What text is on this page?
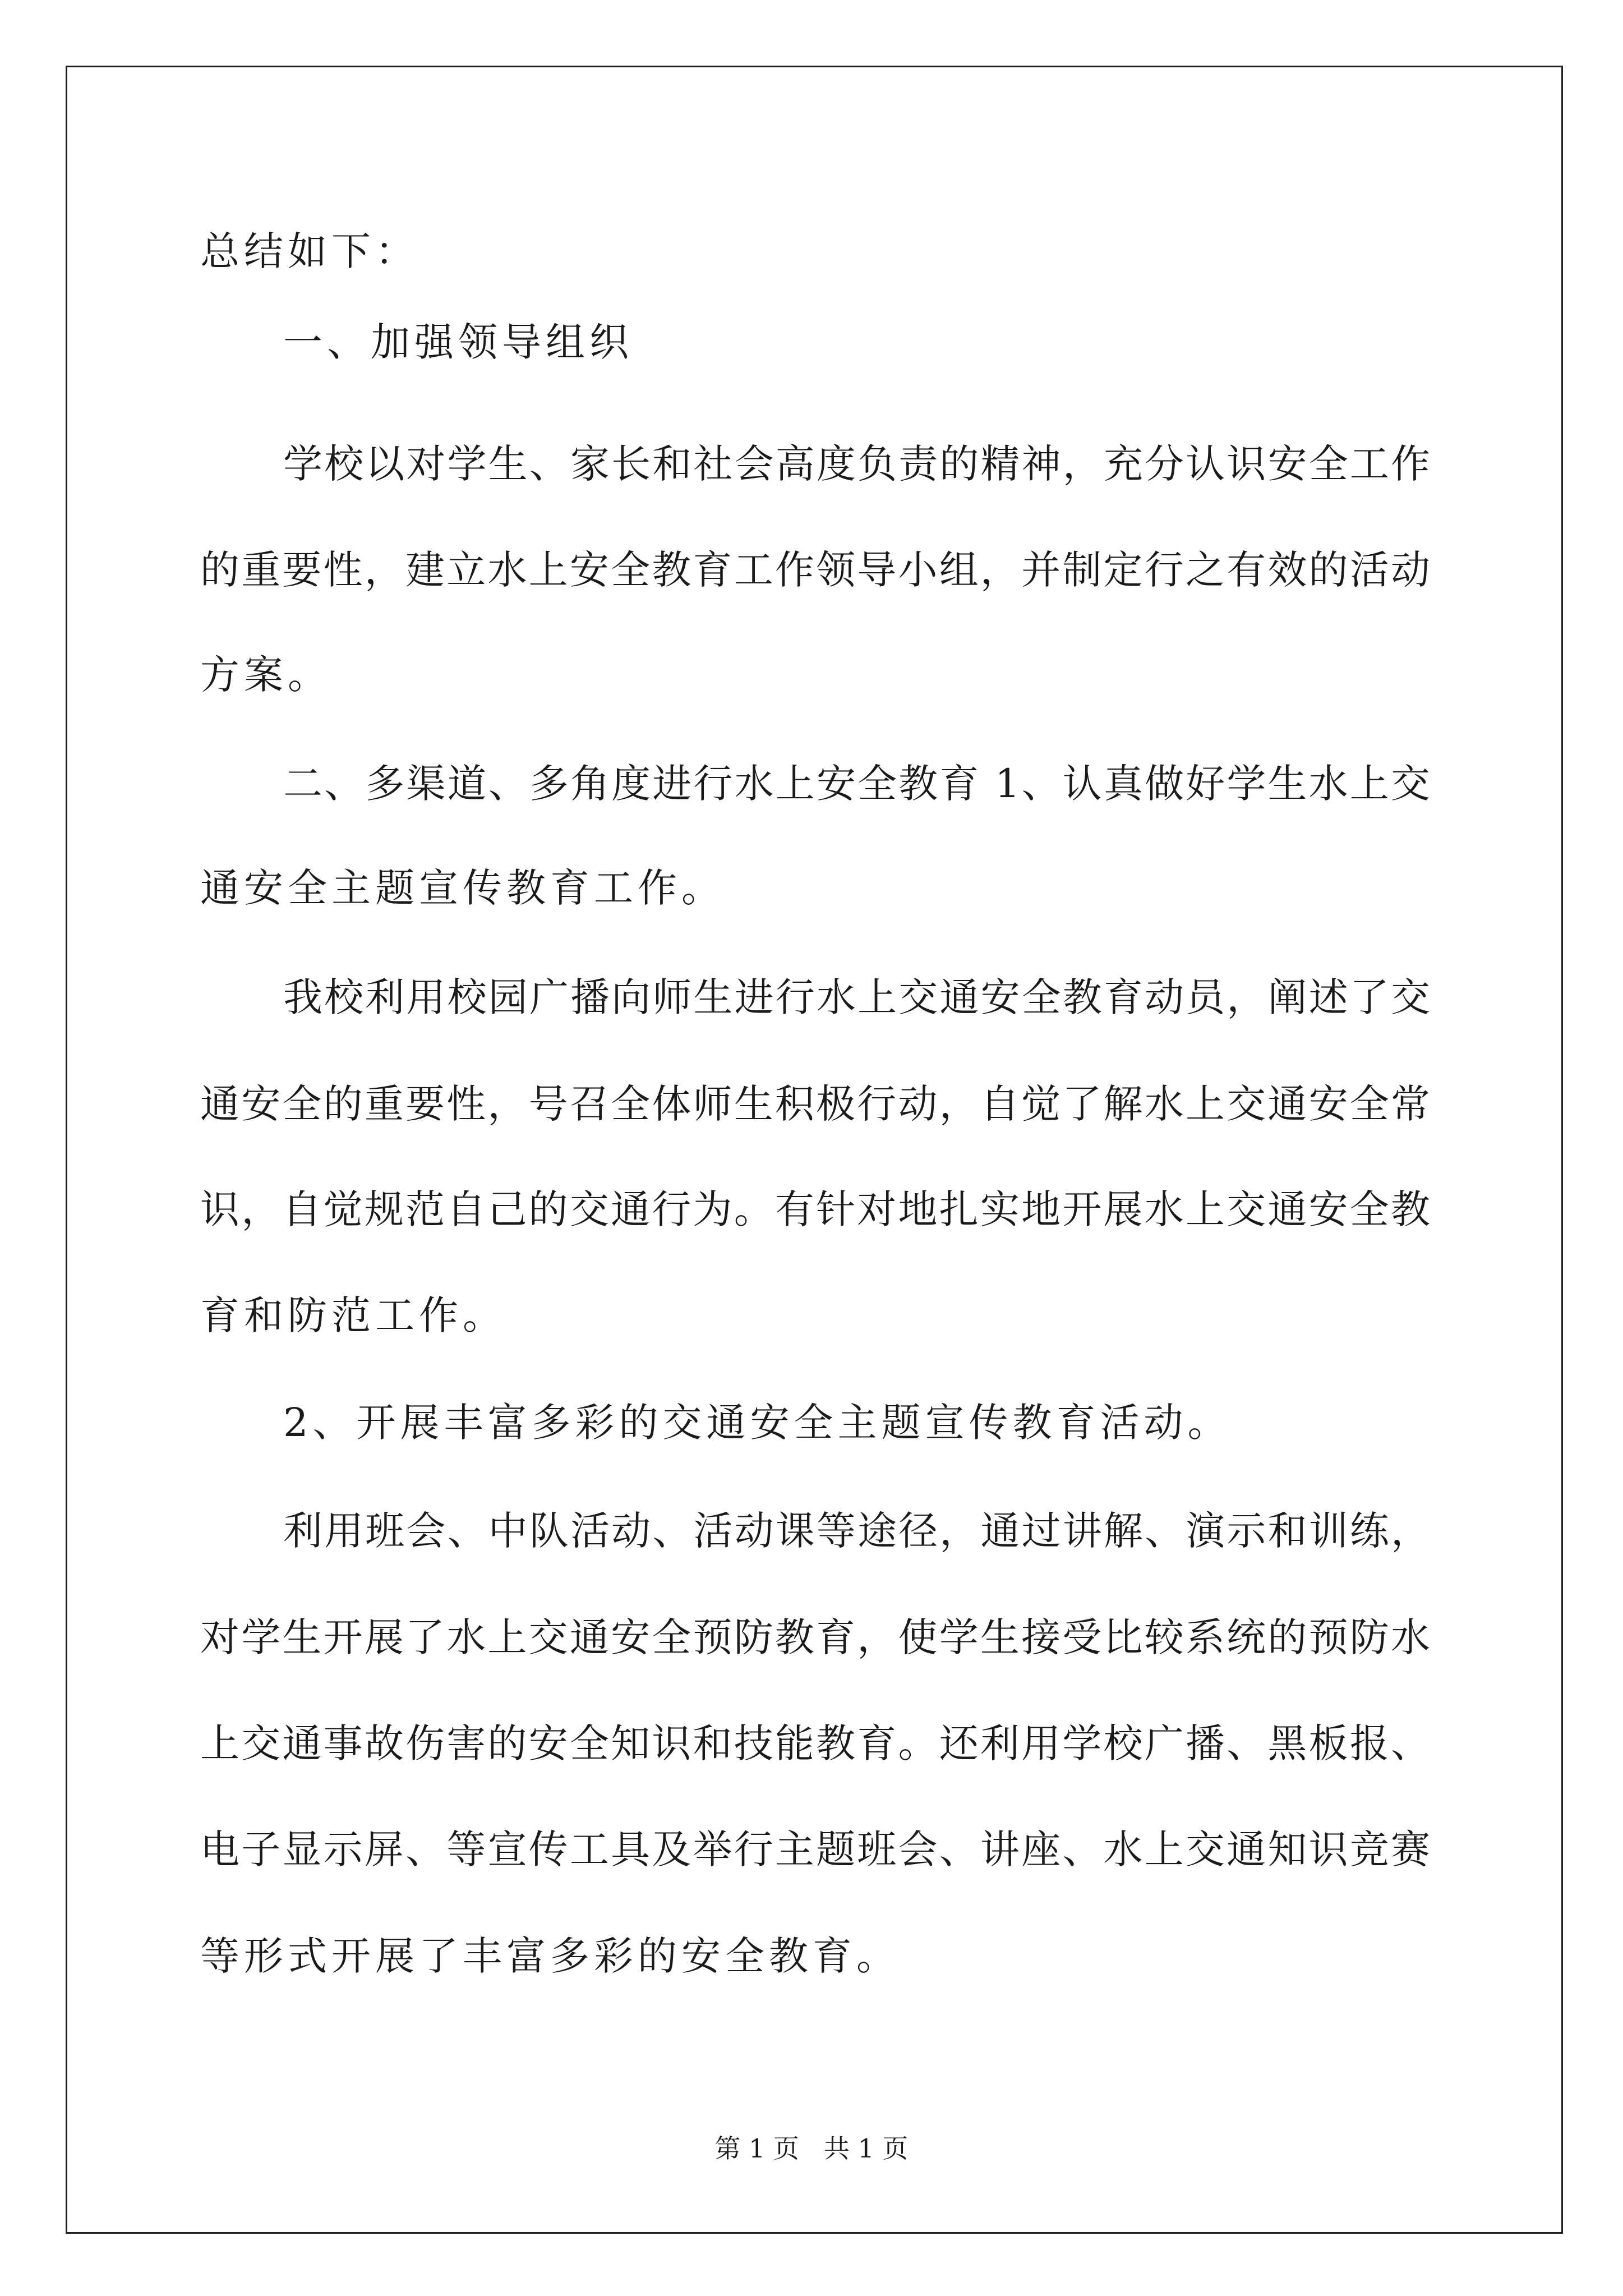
总结如下：
一、加强领导组织
学校以对学生、家长和社会高度负责的精神，充分认识安全工作
的重要性，建立水上安全教育工作领导小组，并制定行之有效的活动
方案。
二、多渠道、多角度进行水上安全教育 1、认真做好学生水上交
通安全主题宣传教育工作。
我校利用校园广播向师生进行水上交通安全教育动员，阐述了交
通安全的重要性，号召全体师生积极行动，自觉了解水上交通安全常
识，自觉规范自己的交通行为。有针对地扎实地开展水上交通安全教
育和防范工作。
2、开展丰富多彩的交通安全主题宣传教育活动。
利用班会、中队活动、活动课等途径，通过讲解、演示和训练，
对学生开展了水上交通安全预防教育，使学生接受比较系统的预防水
上交通事故伤害的安全知识和技能教育。还利用学校广播、黑板报、
电子显示屏、等宣传工具及举行主题班会、讲座、水上交通知识竞赛
等形式开展了丰富多彩的安全教育。
第 1 页   共 1 页
